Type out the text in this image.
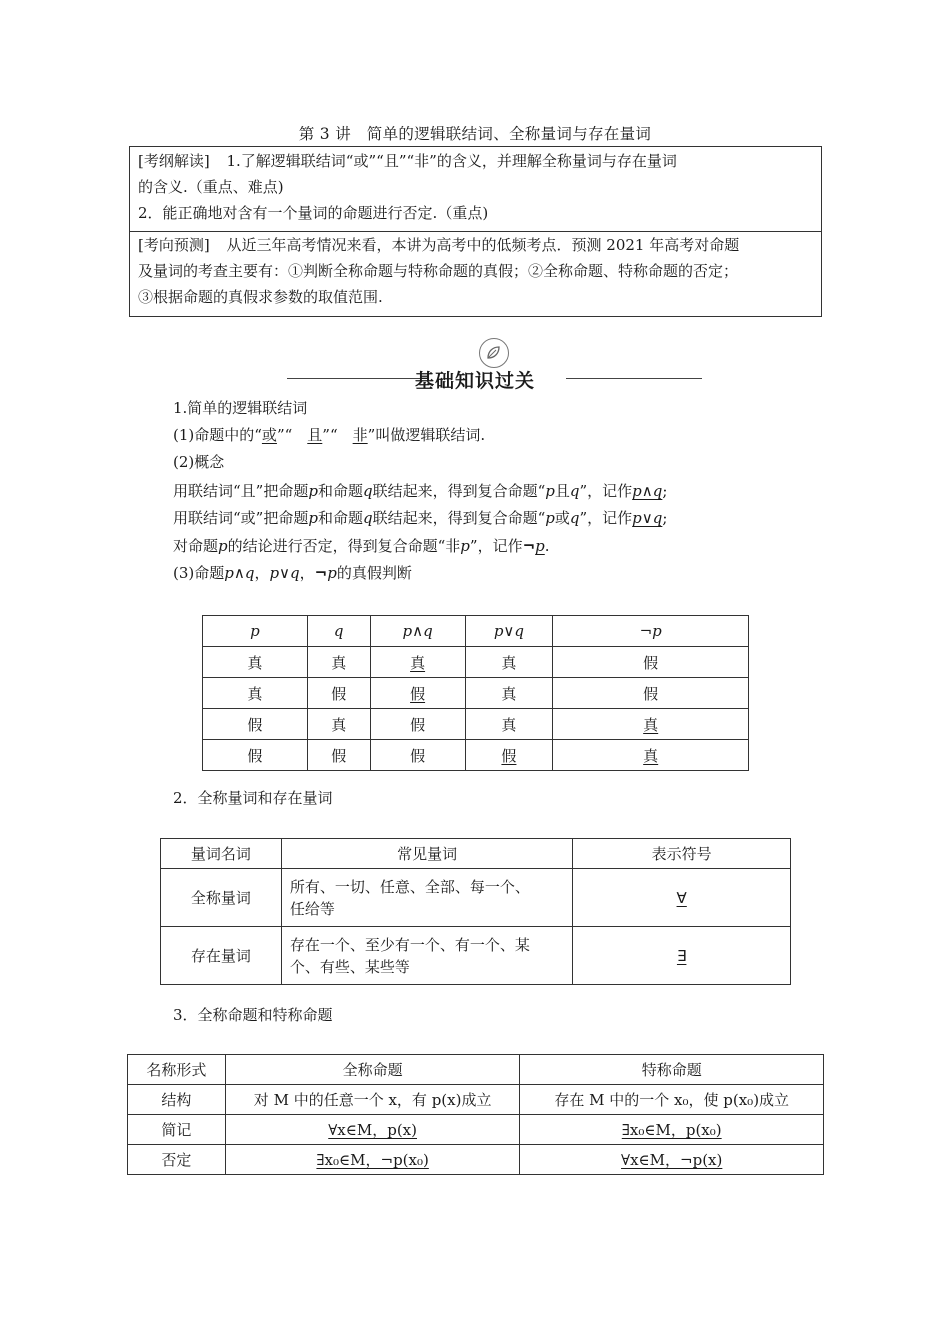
第 3 讲　简单的逻辑联结词、全称量词与存在量词
[考纲解读] 1.了解逻辑联结词“或”“且”“非”的含义，并理解全称量词与存在量词
的含义.（重点、难点)
2．能正确地对含有一个量词的命题进行否定.（重点)
[考向预测] 从近三年高考情况来看，本讲为高考中的低频考点．预测 2021 年高考对命题
及量词的考查主要有：①判断全称命题与特称命题的真假；②全称命题、特称命题的否定；
③根据命题的真假求参数的取值范围.
基础知识过关
1.简单的逻辑联结词
(1)命题中的“或”“　且”“　非”叫做逻辑联结词.
(2)概念
用联结词“且”把命题p和命题q联结起来，得到复合命题“p且q”，记作p∧q;
用联结词“或”把命题p和命题q联结起来，得到复合命题“p或q”，记作p∨q;
对命题p的结论进行否定，得到复合命题“非p”，记作¬p.
(3)命题p∧q，p∨q，¬p的真假判断
p	q	p∧q	p∨q	¬p
真	真	真	真	假
真	假	假	真	假
假	真	假	真	真
假	假	假	假	真
2．全称量词和存在量词
量词名词	常见量词	表示符号
全称量词	所有、一切、任意、全部、每一个、
任给等	∀
存在量词	存在一个、至少有一个、有一个、某
个、有些、某些等	∃
3．全称命题和特称命题
名称形式	全称命题	特称命题
结构	对 M 中的任意一个 x，有 p(x)成立	存在 M 中的一个 x₀，使 p(x₀)成立
简记	∀x∈M，p(x)	∃x₀∈M，p(x₀)
否定	∃x₀∈M，¬p(x₀)	∀x∈M，¬p(x)
